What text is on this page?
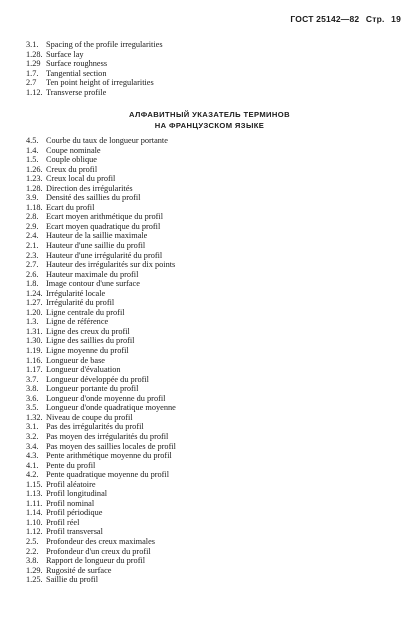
ГОСТ 25142—82 Стр. 19
3.1. Spacing of the profile irregularities
1.28. Surface lay
1.29 Surface roughness
1.7. Tangential section
2.7	Ten point height of irregularities
1.12. Transverse profile
АЛФАВИТНЫЙ УКАЗАТЕЛЬ ТЕРМИНОВ
НА ФРАНЦУЗСКОМ ЯЗЫКЕ
4.5. Courbe du taux de longueur portante
1.4. Coupe nominale
1.5. Couple oblique
1.26. Creux du profil
1.23. Creux local du profil
1.28. Direction des irrégularités
3.9. Densité des saillies du profil
1.18. Ecart du profil
2.8. Ecart moyen arithmétique du profil
2.9. Ecart moyen quadratique du profil
2.4. Hauteur de la saillie maximale
2.1. Hauteur d'une saillie du profil
2.3. Hauteur d'une irrégularité du profil
2.7. Hauteur des irrégularités sur dix points
2.6. Hauteur maximale du profil
1.8. Image contour d'une surface
1.24. Irrégularité locale
1.27. Irrégularité du profil
1.20. Ligne centrale du profil
1.3. Ligne de référence
1.31. Ligne des creux du profil
1.30. Ligne des saillies du profil
1.19. Ligne moyenne du profil
1.16. Longueur de base
1.17. Longueur d'évaluation
3.7. Longueur développée du profil
3.8. Longueur portante du profil
3.6. Longueur d'onde moyenne du profil
3.5. Longueur d'onde quadratique moyenne
1.32. Niveau de coupe du profil
3.1. Pas des irrégularités du profil
3.2. Pas moyen des irrégularités du profil
3.4. Pas moyen des saillies locales de profil
4.3. Pente arithmétique moyenne du profil
4.1. Pente du profil
4.2. Pente quadratique moyenne du profil
1.15. Profil aléatoire
1.13. Profil longitudinal
1.11. Profil nominal
1.14. Profil périodique
1.10. Profil réel
1.12. Profil transversal
2.5. Profondeur des creux maximales
2.2. Profondeur d'un creux du profil
3.8. Rapport de longueur du profil
1.29. Rugosité de surface
1.25. Saillie du profil
